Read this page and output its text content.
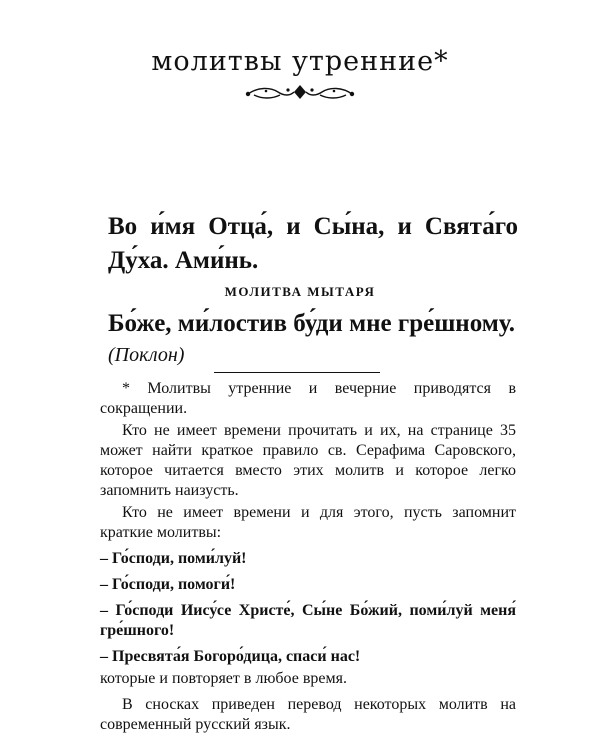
молитвы утренние*
Во и́мя Отца́, и Сы́на, и Свята́го Ду́ха. Ами́нь.
МОЛИТВА МЫТАРЯ
Бо́же, ми́лостив бу́ди мне гре́шному.
(Поклон)

* Молитвы утренние и вечерние приводятся в сокращении.

Кто не имеет времени прочитать и их, на странице 35 может найти краткое правило св. Серафима Саровского, которое читается вместо этих молитв и которое легко запомнить наизусть.

Кто не имеет времени и для этого, пусть запомнит краткие молитвы:

– Го́споди, поми́луй!

– Го́споди, помоги́!

– Го́споди Иису́се Христе́, Сы́не Бо́жий, поми́луй меня́ гре́шного!

– Пресвята́я Богоро́дица, спаси́ нас!

которые и повторяет в любое время.

В сносках приведен перевод некоторых молитв на современный русский язык.
